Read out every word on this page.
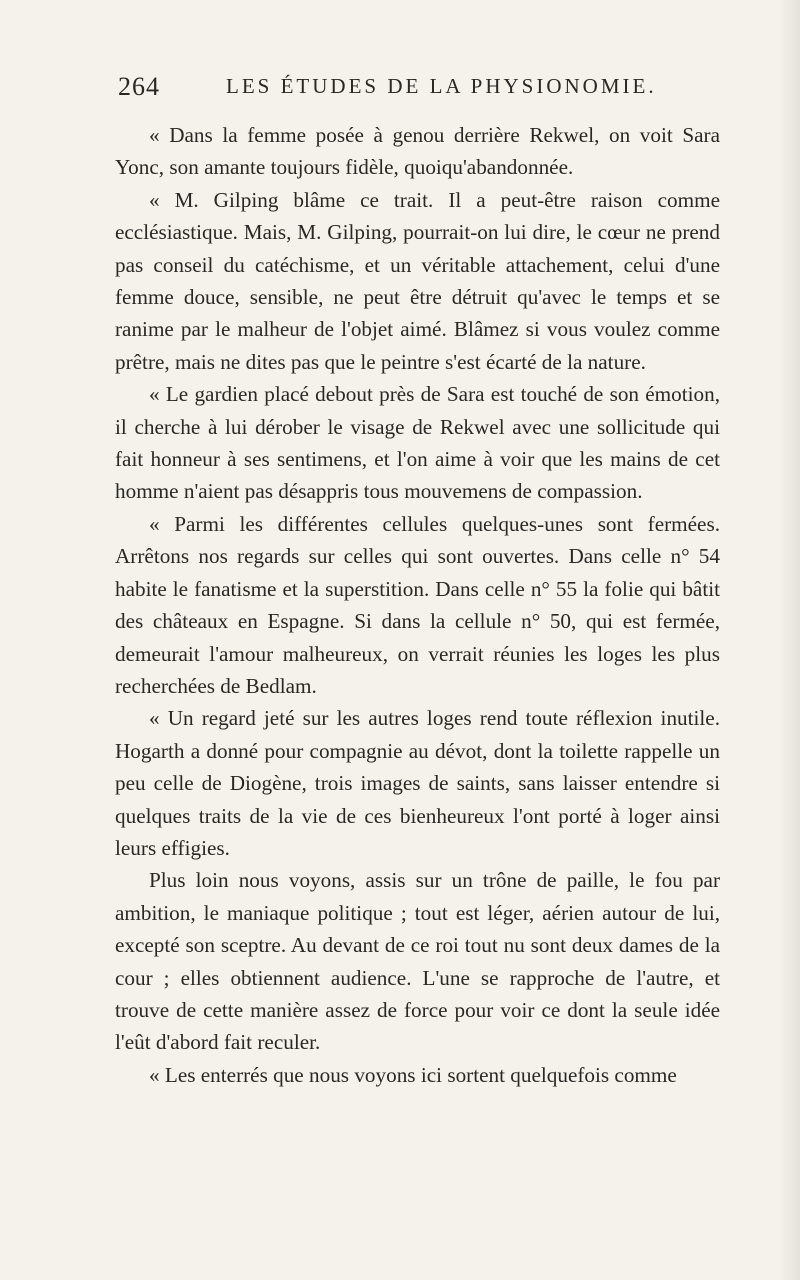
264	LES ÉTUDES DE LA PHYSIONOMIE.

« Dans la femme posée à genou derrière Rekwel, on voit Sara Yonc, son amante toujours fidèle, quoiqu'abandonnée.

« M. Gilping blâme ce trait. Il a peut-être raison comme ecclésiastique. Mais, M. Gilping, pourrait-on lui dire, le cœur ne prend pas conseil du catéchisme, et un véritable attachement, celui d'une femme douce, sensible, ne peut être détruit qu'avec le temps et se ranime par le malheur de l'objet aimé. Blâmez si vous voulez comme prêtre, mais ne dites pas que le peintre s'est écarté de la nature.

« Le gardien placé debout près de Sara est touché de son émotion, il cherche à lui dérober le visage de Rekwel avec une sollicitude qui fait honneur à ses sentimens, et l'on aime à voir que les mains de cet homme n'aient pas désappris tous mouvemens de compassion.

« Parmi les différentes cellules quelques-unes sont fermées. Arrêtons nos regards sur celles qui sont ouvertes. Dans celle n° 54 habite le fanatisme et la superstition. Dans celle n° 55 la folie qui bâtit des châteaux en Espagne. Si dans la cellule n° 50, qui est fermée, demeurait l'amour malheureux, on verrait réunies les loges les plus recherchées de Bedlam.

« Un regard jeté sur les autres loges rend toute réflexion inutile. Hogarth a donné pour compagnie au dévot, dont la toilette rappelle un peu celle de Diogène, trois images de saints, sans laisser entendre si quelques traits de la vie de ces bienheureux l'ont porté à loger ainsi leurs effigies.

Plus loin nous voyons, assis sur un trône de paille, le fou par ambition, le maniaque politique ; tout est léger, aérien autour de lui, excepté son sceptre. Au devant de ce roi tout nu sont deux dames de la cour ; elles obtiennent audience. L'une se rapproche de l'autre, et trouve de cette manière assez de force pour voir ce dont la seule idée l'eût d'abord fait reculer.

« Les enterrés que nous voyons ici sortent quelquefois comme
